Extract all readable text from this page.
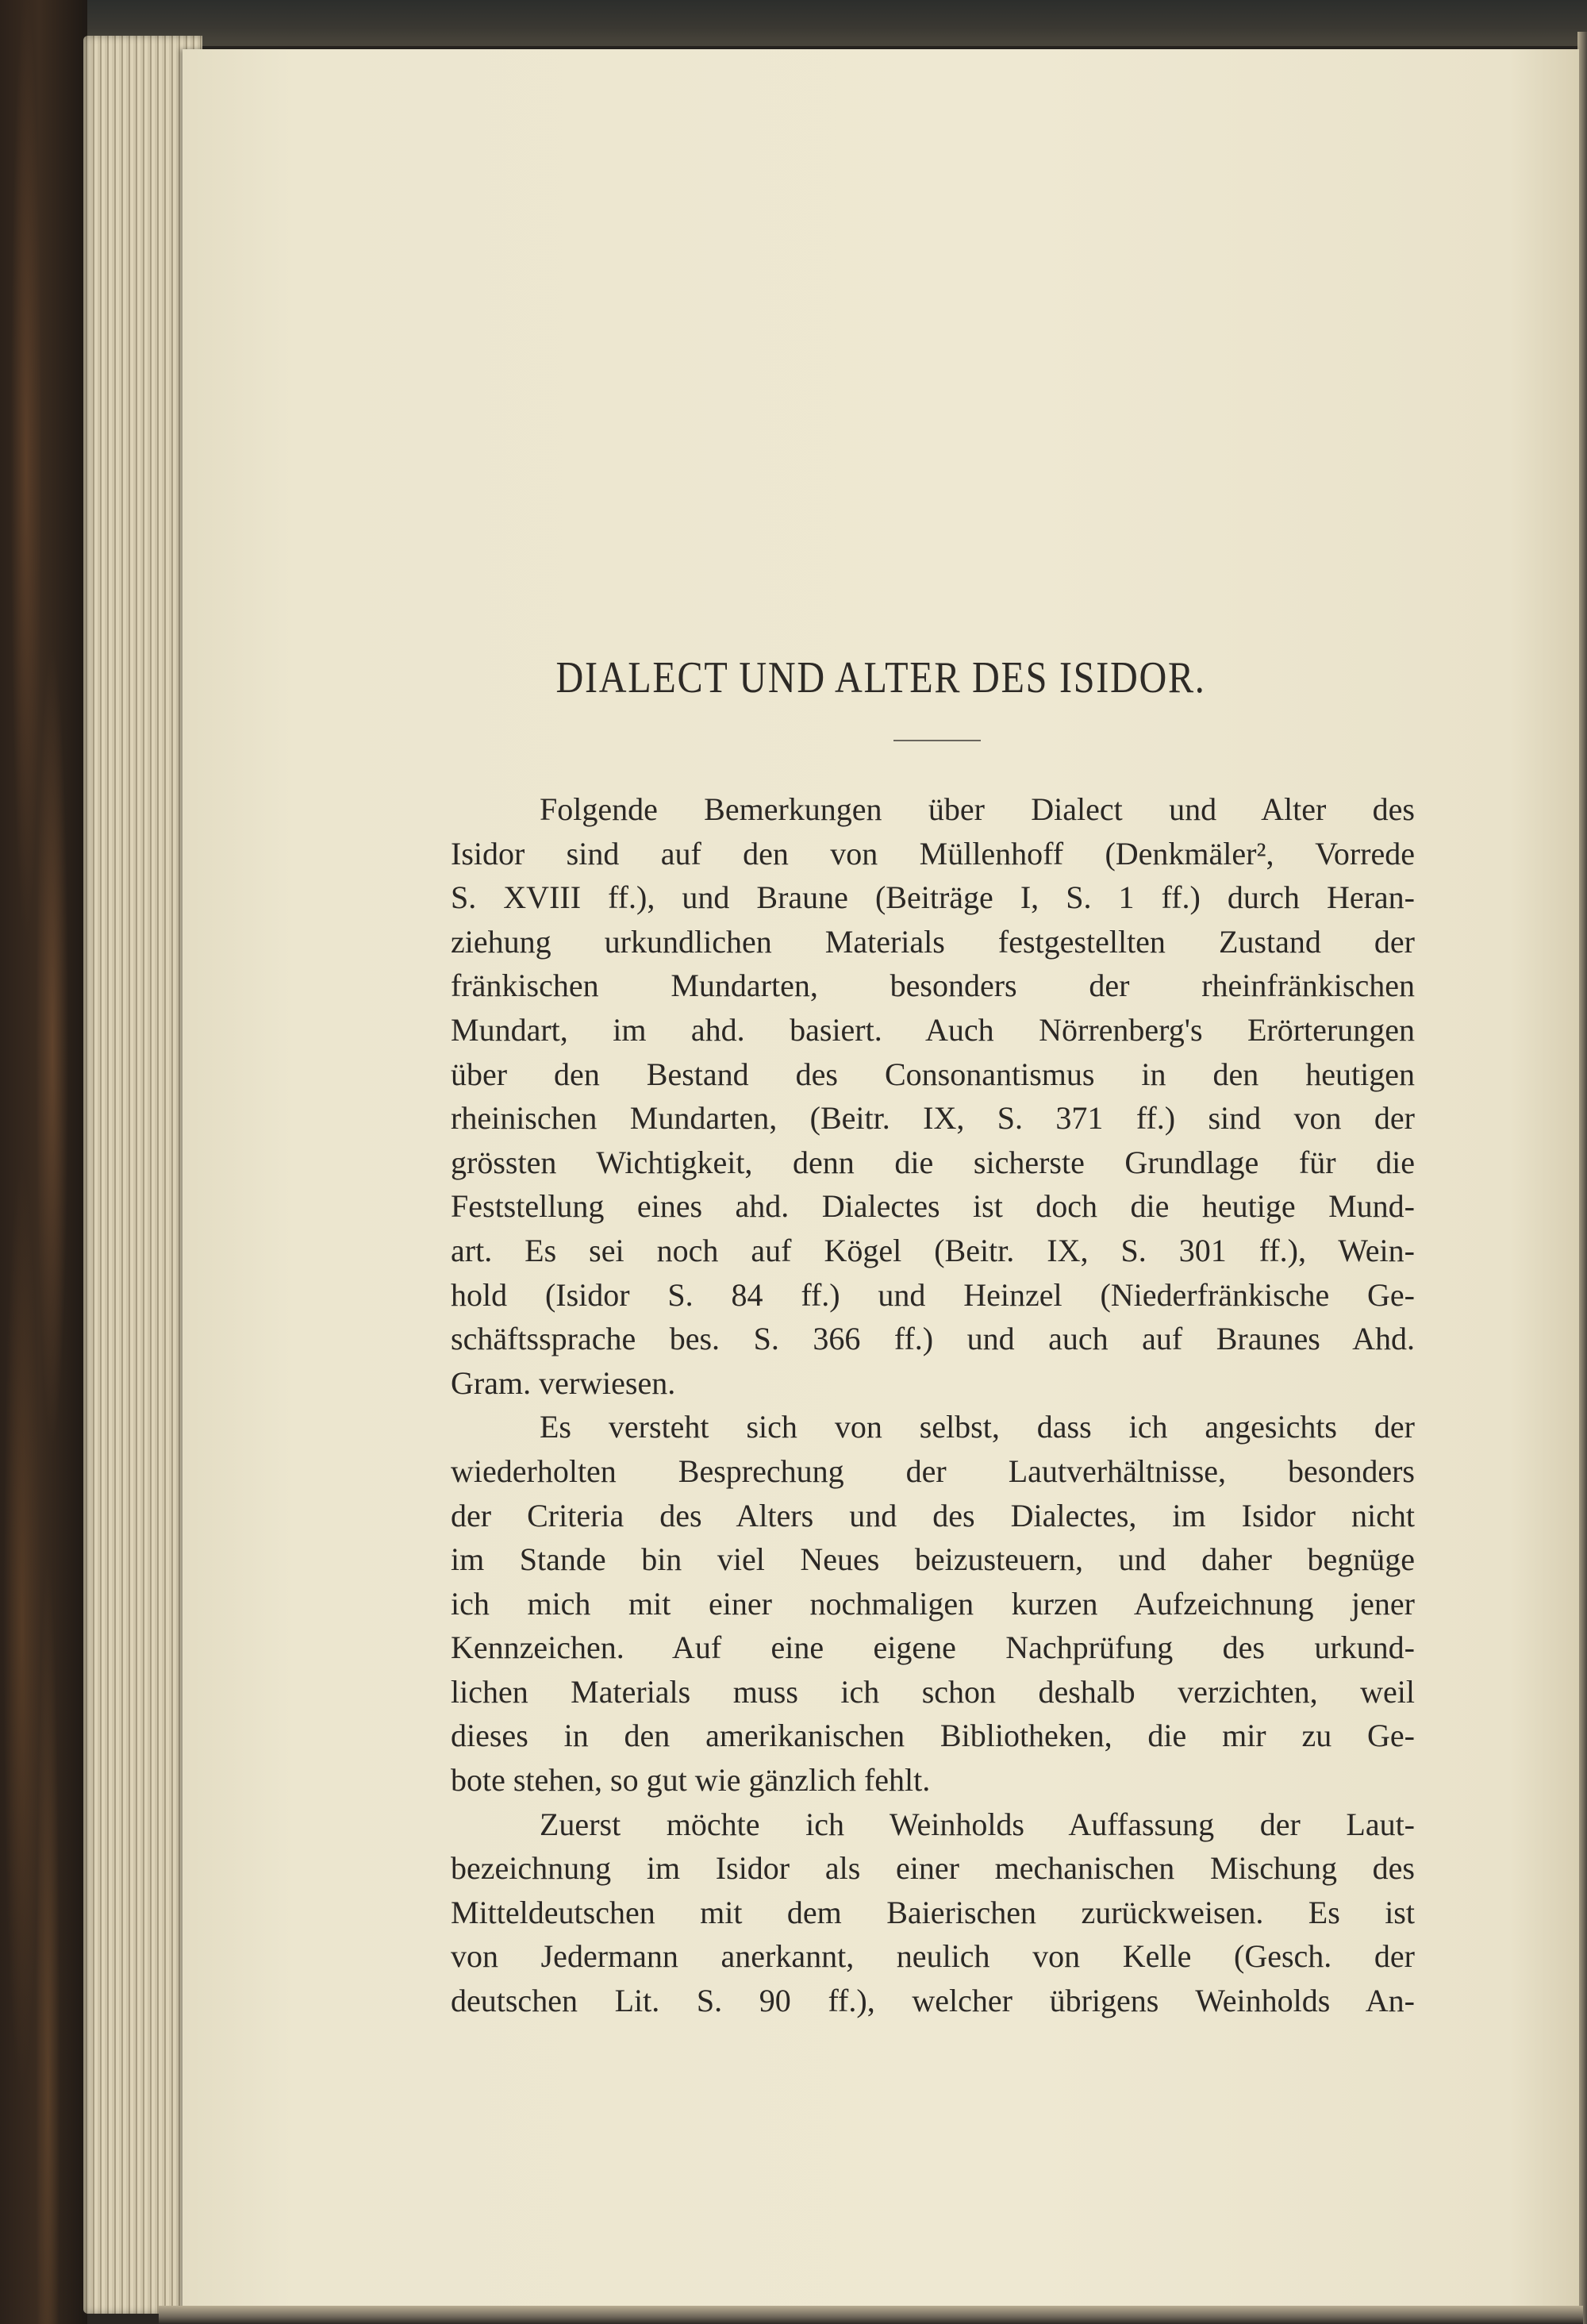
DIALECT UND ALTER DES ISIDOR.

Folgende Bemerkungen über Dialect und Alter des

Isidor sind auf den von Müllenhoff (Denkmäler², Vorrede

S. XVIII ff.), und Braune (Beiträge I, S. 1 ff.) durch Heran-

ziehung urkundlichen Materials festgestellten Zustand der

fränkischen Mundarten, besonders der rheinfränkischen

Mundart, im ahd. basiert. Auch Nörrenberg's Erörterungen

über den Bestand des Consonantismus in den heutigen

rheinischen Mundarten, (Beitr. IX, S. 371 ff.) sind von der

grössten Wichtigkeit, denn die sicherste Grundlage für die

Feststellung eines ahd. Dialectes ist doch die heutige Mund-

art. Es sei noch auf Kögel (Beitr. IX, S. 301 ff.), Wein-

hold (Isidor S. 84 ff.) und Heinzel (Niederfränkische Ge-

schäftssprache bes. S. 366 ff.) und auch auf Braunes Ahd.

Gram. verwiesen.

Es versteht sich von selbst, dass ich angesichts der

wiederholten Besprechung der Lautverhältnisse, besonders

der Criteria des Alters und des Dialectes, im Isidor nicht

im Stande bin viel Neues beizusteuern, und daher begnüge

ich mich mit einer nochmaligen kurzen Aufzeichnung jener

Kennzeichen. Auf eine eigene Nachprüfung des urkund-

lichen Materials muss ich schon deshalb verzichten, weil

dieses in den amerikanischen Bibliotheken, die mir zu Ge-

bote stehen, so gut wie gänzlich fehlt.

Zuerst möchte ich Weinholds Auffassung der Laut-

bezeichnung im Isidor als einer mechanischen Mischung des

Mitteldeutschen mit dem Baierischen zurückweisen. Es ist

von Jedermann anerkannt, neulich von Kelle (Gesch. der

deutschen Lit. S. 90 ff.), welcher übrigens Weinholds An-
